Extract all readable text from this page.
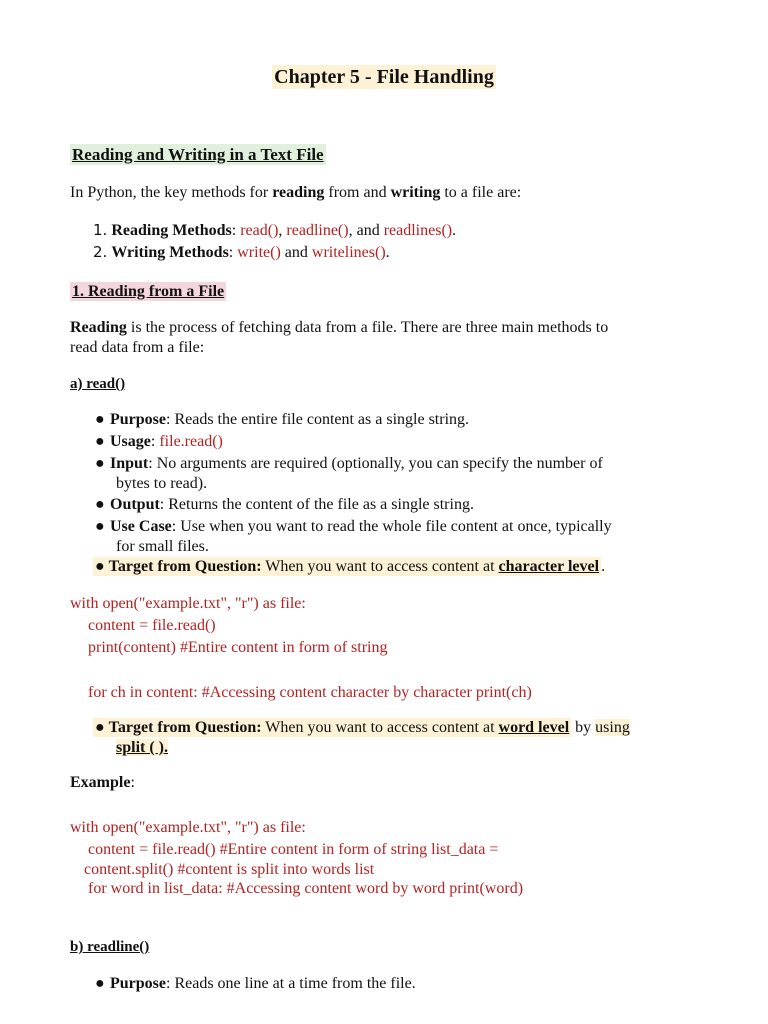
Chapter 5 - File Handling
Reading and Writing in a Text File
In Python, the key methods for reading from and writing to a file are:
1. Reading Methods: read(), readline(), and readlines().
2. Writing Methods: write() and writelines().
1. Reading from a File
Reading is the process of fetching data from a file. There are three main methods to
read data from a file:
a) read()
● Purpose: Reads the entire file content as a single string.
● Usage: file.read()
● Input: No arguments are required (optionally, you can specify the number of
bytes to read).
● Output: Returns the content of the file as a single string.
● Use Case: Use when you want to read the whole file content at once, typically
for small files.
● Target from Question: When you want to access content at character level .
with open("example.txt", "r") as file:
content = file.read()
print(content) #Entire content in form of string
for ch in content: #Accessing content character by character print(ch)
● Target from Question: When you want to access content at word level by using
split ( ).
Example:
with open("example.txt", "r") as file:
content = file.read() #Entire content in form of string list_data =
content.split() #content is split into words list
for word in list_data: #Accessing content word by word print(word)
b) readline()
● Purpose: Reads one line at a time from the file.
